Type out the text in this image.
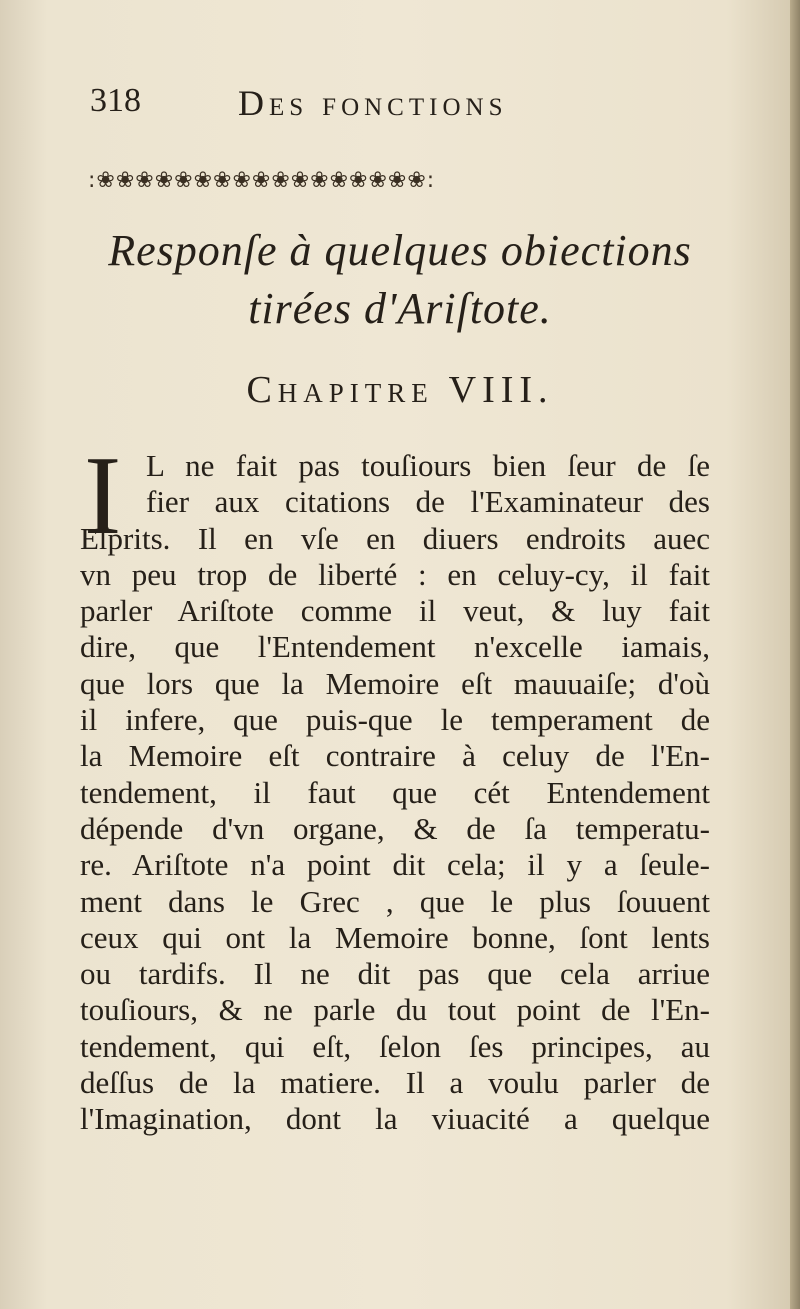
318	Des fonctions
:❀❀❀❀❀❀❀❀❀❀❀❀❀❀❀❀❀:
Responſe à quelques obiections
tirées d'Ariſtote.
Chapitre VIII.
I L ne fait pas touſiours bien ſeur de ſe
fier aux citations de l'Examinateur des
Eſprits. Il en vſe en diuers endroits auec
vn peu trop de liberté : en celuy-cy, il fait
parler Ariſtote comme il veut, & luy fait
dire, que l'Entendement n'excelle iamais,
que lors que la Memoire eſt mauuaiſe; d'où
il infere, que puis-que le temperament de
la Memoire eſt contraire à celuy de l'En-
tendement, il faut que cét Entendement
dépende d'vn organe, & de ſa temperatu-
re. Ariſtote n'a point dit cela; il y a ſeule-
ment dans le Grec , que le plus ſouuent
ceux qui ont la Memoire bonne, ſont lents
ou tardifs. Il ne dit pas que cela arriue
touſiours, & ne parle du tout point de l'En-
tendement, qui eſt, ſelon ſes principes, au
deſſus de la matiere. Il a voulu parler de
l'Imagination, dont la viuacité a quelque
